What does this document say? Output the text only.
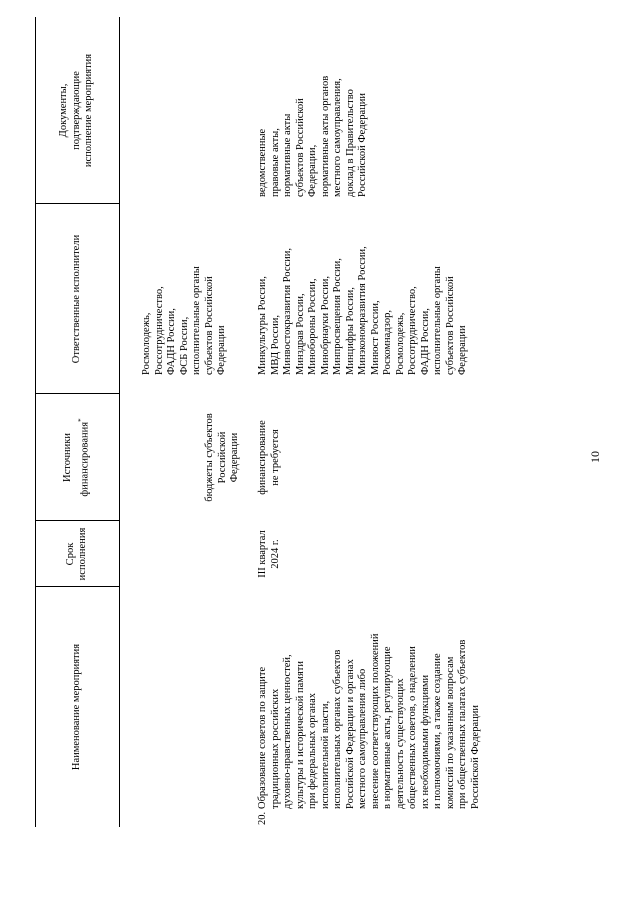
10
Наименование мероприятия
Срок исполнения
Источники финансирования*
Ответственные исполнители
Документы, подтверждающие исполнение мероприятия
бюджеты субъектов Российской Федерации
Росмолодежь, Россотрудничество, ФАДН России, ФСБ России, исполнительные органы субъектов Российской Федерации
20.
Образование советов по защите традиционных российских духовно-нравственных ценностей, культуры и исторической памяти при федеральных органах исполнительной власти, исполнительных органах субъектов Российской Федерации и органах местного самоуправления либо внесение соответствующих положений в нормативные акты, регулирующие деятельность существующих общественных советов, о наделении их необходимыми функциями и полномочиями, а также создание комиссий по указанным вопросам при общественных палатах субъектов Российской Федерации
III квартал 2024 г.
финансирование не требуется
Минкультуры России, МВД России, Минвостокразвития России, Минздрав России, Минобороны России, Минобрнауки России, Минпросвещения России, Минцифры России, Минэкономразвития России, Минюст России, Роскомнадзор, Росмолодежь, Россотрудничество, ФАДН России, исполнительные органы субъектов Российской Федерации
ведомственные правовые акты, нормативные акты субъектов Российской Федерации, нормативные акты органов местного самоуправления, доклад в Правительство Российской Федерации
